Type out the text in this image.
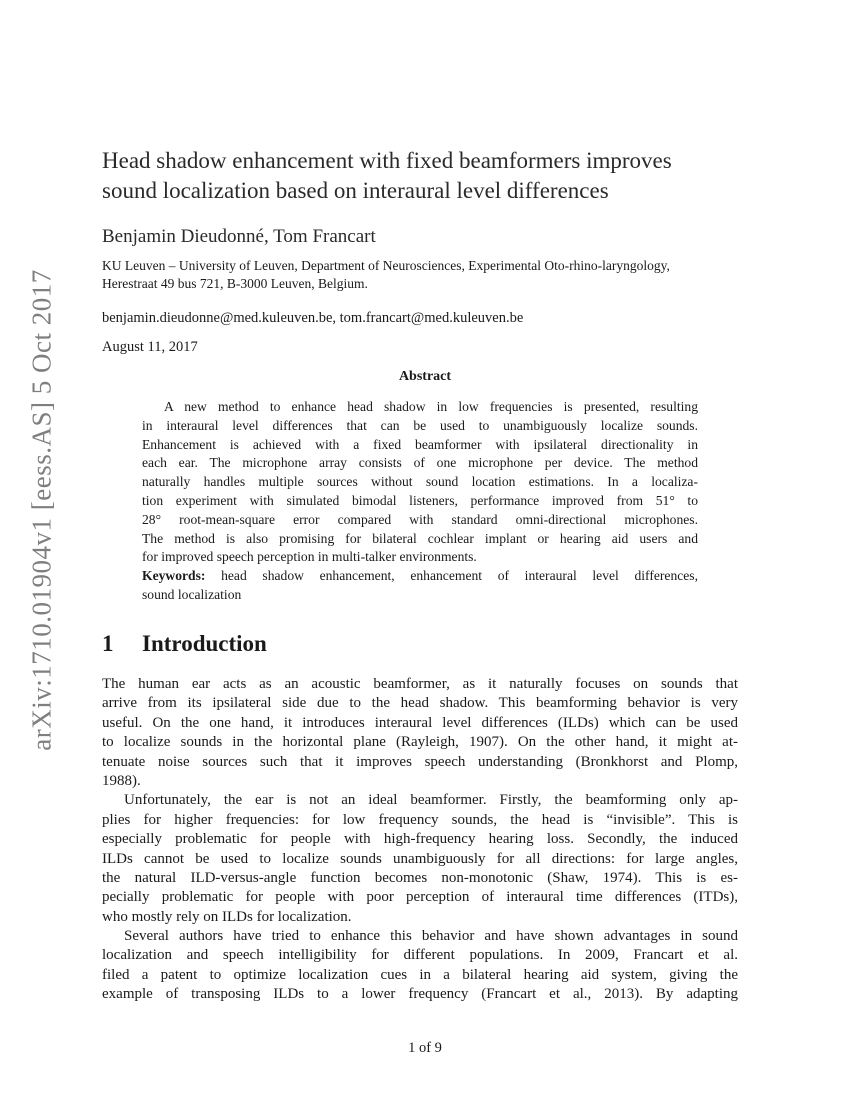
arXiv:1710.01904v1 [eess.AS] 5 Oct 2017
Head shadow enhancement with fixed beamformers improves
sound localization based on interaural level differences
Benjamin Dieudonné, Tom Francart
KU Leuven – University of Leuven, Department of Neurosciences, Experimental Oto-rhino-laryngology,
Herestraat 49 bus 721, B-3000 Leuven, Belgium.
benjamin.dieudonne@med.kuleuven.be, tom.francart@med.kuleuven.be
August 11, 2017
Abstract
A new method to enhance head shadow in low frequencies is presented, resulting
in interaural level differences that can be used to unambiguously localize sounds.
Enhancement is achieved with a fixed beamformer with ipsilateral directionality in
each ear. The microphone array consists of one microphone per device. The method
naturally handles multiple sources without sound location estimations. In a localiza-
tion experiment with simulated bimodal listeners, performance improved from 51° to
28° root-mean-square error compared with standard omni-directional microphones.
The method is also promising for bilateral cochlear implant or hearing aid users and
for improved speech perception in multi-talker environments.
Keywords: head shadow enhancement, enhancement of interaural level differences,
sound localization
1 Introduction
The human ear acts as an acoustic beamformer, as it naturally focuses on sounds that
arrive from its ipsilateral side due to the head shadow. This beamforming behavior is very
useful. On the one hand, it introduces interaural level differences (ILDs) which can be used
to localize sounds in the horizontal plane (Rayleigh, 1907). On the other hand, it might at-
tenuate noise sources such that it improves speech understanding (Bronkhorst and Plomp,
1988).
Unfortunately, the ear is not an ideal beamformer. Firstly, the beamforming only ap-
plies for higher frequencies: for low frequency sounds, the head is “invisible”. This is
especially problematic for people with high-frequency hearing loss. Secondly, the induced
ILDs cannot be used to localize sounds unambiguously for all directions: for large angles,
the natural ILD-versus-angle function becomes non-monotonic (Shaw, 1974). This is es-
pecially problematic for people with poor perception of interaural time differences (ITDs),
who mostly rely on ILDs for localization.
Several authors have tried to enhance this behavior and have shown advantages in sound
localization and speech intelligibility for different populations. In 2009, Francart et al.
filed a patent to optimize localization cues in a bilateral hearing aid system, giving the
example of transposing ILDs to a lower frequency (Francart et al., 2013). By adapting
1 of 9
